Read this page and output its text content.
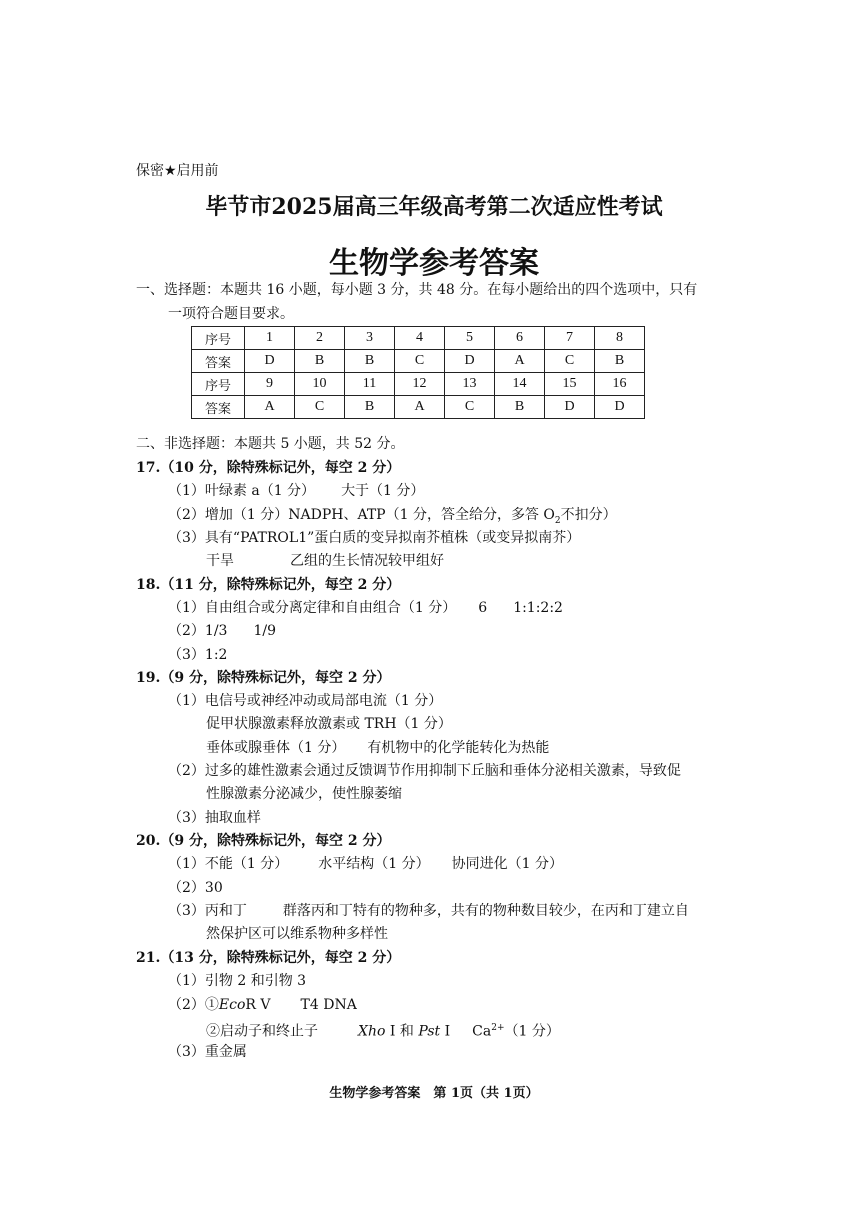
保密★启用前
毕节市2025届高三年级高考第二次适应性考试
生物学参考答案
一、选择题：本题共 16 小题，每小题 3 分，共 48 分。在每小题给出的四个选项中，只有
一项符合题目要求。
序号	1	2	3	4	5	6	7	8
答案	D	B	B	C	D	A	C	B
序号	9	10	11	12	13	14	15	16
答案	A	C	B	A	C	B	D	D
二、非选择题：本题共 5 小题，共 52 分。
17.（10 分，除特殊标记外，每空 2 分）
（1）叶绿素 a（1 分） 大于（1 分）
（2）增加（1 分）NADPH、ATP（1 分，答全给分，多答 $O_2$不扣分）
（3）具有“PATROL1”蛋白质的变异拟南芥植株（或变异拟南芥）
干旱	乙组的生长情况较甲组好
18.（11 分，除特殊标记外，每空 2 分）
（1）自由组合或分离定律和自由组合（1 分） 6 1:1:2:2
（2）1/3 1/9
（3）1:2
19.（9 分，除特殊标记外，每空 2 分）
（1）电信号或神经冲动或局部电流（1 分）
促甲状腺激素释放激素或 TRH（1 分）
垂体或腺垂体（1 分） 有机物中的化学能转化为热能
（2）过多的雄性激素会通过反馈调节作用抑制下丘脑和垂体分泌相关激素，导致促
性腺激素分泌减少，使性腺萎缩
（3）抽取血样
20.（9 分，除特殊标记外，每空 2 分）
（1）不能（1 分） 水平结构（1 分） 协同进化（1 分）
（2）30
（3）丙和丁	群落丙和丁特有的物种多，共有的物种数目较少，在丙和丁建立自
然保护区可以维系物种多样性
21.（13 分，除特殊标记外，每空 2 分）
（1）引物 2 和引物 3
（2）①EcoR V T4 DNA
②启动子和终止子	Xho I 和 Pst I $Ca^{2+}(1$ 分）
（3）重金属
生物学参考答案　第 1页（共 1页）
